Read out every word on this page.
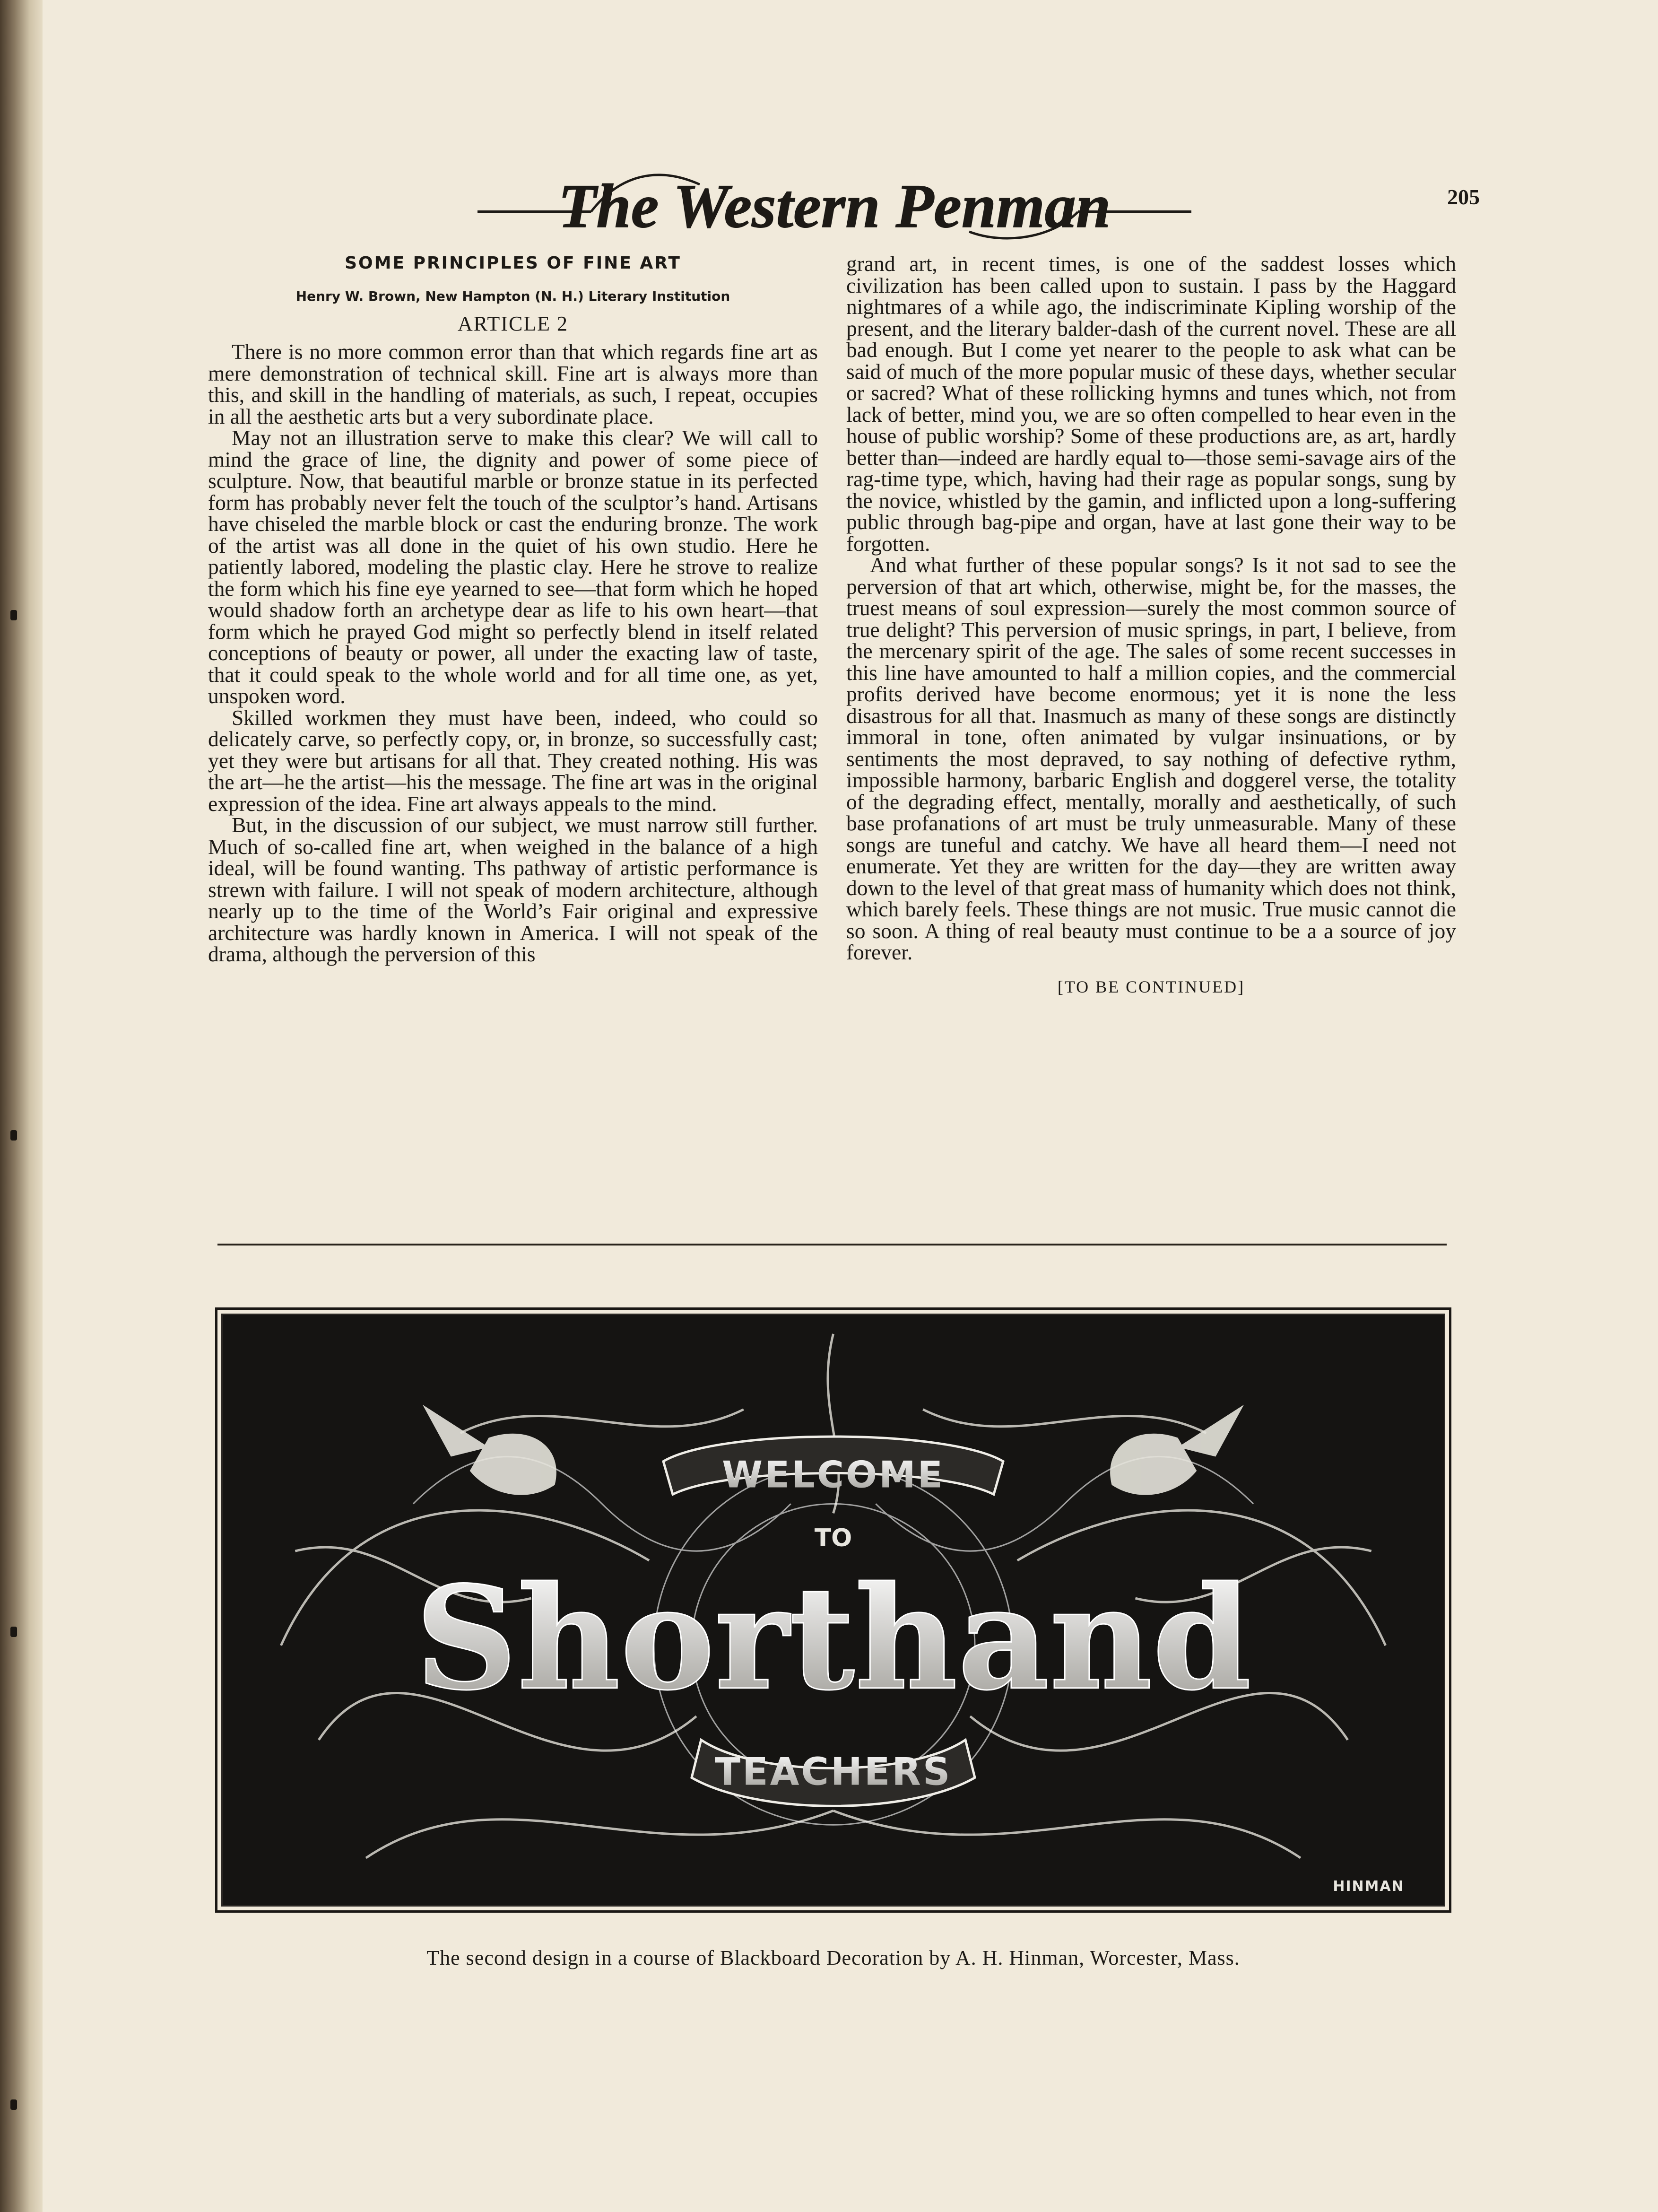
The Western Penman	205
SOME PRINCIPLES OF FINE ART
Henry W. Brown, New Hampton (N. H.) Literary Institution
ARTICLE 2

There is no more common error than that which regards fine art as mere demonstration of technical skill. Fine art is always more than this, and skill in the handling of materials, as such, I repeat, occupies in all the aesthetic arts but a very subordinate place.

May not an illustration serve to make this clear? We will call to mind the grace of line, the dignity and power of some piece of sculpture. Now, that beautiful marble or bronze statue in its perfected form has probably never felt the touch of the sculptor’s hand. Artisans have chiseled the marble block or cast the enduring bronze. The work of the artist was all done in the quiet of his own studio. Here he patiently labored, modeling the plastic clay. Here he strove to realize the form which his fine eye yearned to see—that form which he hoped would shadow forth an archetype dear as life to his own heart—that form which he prayed God might so perfectly blend in itself related conceptions of beauty or power, all under the exacting law of taste, that it could speak to the whole world and for all time one, as yet, unspoken word.

Skilled workmen they must have been, indeed, who could so delicately carve, so perfectly copy, or, in bronze, so successfully cast; yet they were but artisans for all that. They created nothing. His was the art—he the artist—his the message. The fine art was in the original expression of the idea. Fine art always appeals to the mind.

But, in the discussion of our subject, we must narrow still further. Much of so-called fine art, when weighed in the balance of a high ideal, will be found wanting. Ths pathway of artistic performance is strewn with failure. I will not speak of modern architecture, although nearly up to the time of the World’s Fair original and expressive architecture was hardly known in America. I will not speak of the drama, although the perversion of this

grand art, in recent times, is one of the saddest losses which civilization has been called upon to sustain. I pass by the Haggard nightmares of a while ago, the indiscriminate Kipling worship of the present, and the literary balder-dash of the current novel. These are all bad enough. But I come yet nearer to the people to ask what can be said of much of the more popular music of these days, whether secular or sacred? What of these rollicking hymns and tunes which, not from lack of better, mind you, we are so often compelled to hear even in the house of public worship? Some of these productions are, as art, hardly better than—indeed are hardly equal to—those semi-savage airs of the rag-time type, which, having had their rage as popular songs, sung by the novice, whistled by the gamin, and inflicted upon a long-suffering public through bag-pipe and organ, have at last gone their way to be forgotten.

And what further of these popular songs? Is it not sad to see the perversion of that art which, otherwise, might be, for the masses, the truest means of soul expression—surely the most common source of true delight? This perversion of music springs, in part, I believe, from the mercenary spirit of the age. The sales of some recent successes in this line have amounted to half a million copies, and the commercial profits derived have become enormous; yet it is none the less disastrous for all that. Inasmuch as many of these songs are distinctly immoral in tone, often animated by vulgar insinuations, or by sentiments the most depraved, to say nothing of defective rythm, impossible harmony, barbaric English and doggerel verse, the totality of the degrading effect, mentally, morally and aesthetically, of such base profanations of art must be truly unmeasurable. Many of these songs are tuneful and catchy. We have all heard them—I need not enumerate. Yet they are written for the day—they are written away down to the level of that great mass of humanity which does not think, which barely feels. These things are not music. True music cannot die so soon. A thing of real beauty must continue to be a a source of joy forever.

[TO BE CONTINUED]
WELCOME
TO
Shorthand
TEACHERS
HINMAN
The second design in a course of Blackboard Decoration by A. H. Hinman, Worcester, Mass.
